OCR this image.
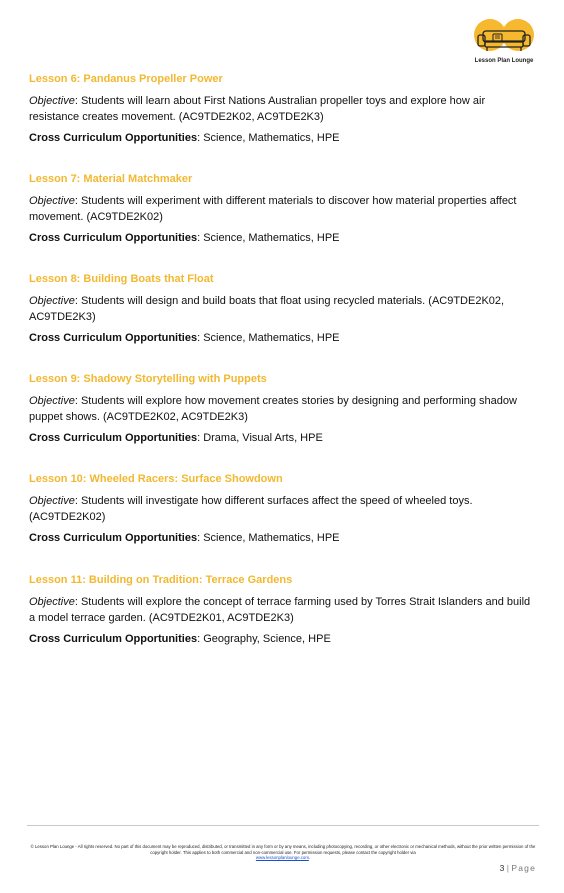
Lesson Plan Lounge

Lesson 6: Pandanus Propeller Power

Objective: Students will learn about First Nations Australian propeller toys and explore how air resistance creates movement. (AC9TDE2K02, AC9TDE2K3)

Cross Curriculum Opportunities: Science, Mathematics, HPE

Lesson 7: Material Matchmaker

Objective: Students will experiment with different materials to discover how material properties affect movement. (AC9TDE2K02)

Cross Curriculum Opportunities: Science, Mathematics, HPE

Lesson 8: Building Boats that Float

Objective: Students will design and build boats that float using recycled materials. (AC9TDE2K02, AC9TDE2K3)

Cross Curriculum Opportunities: Science, Mathematics, HPE

Lesson 9: Shadowy Storytelling with Puppets

Objective: Students will explore how movement creates stories by designing and performing shadow puppet shows. (AC9TDE2K02, AC9TDE2K3)

Cross Curriculum Opportunities: Drama, Visual Arts, HPE

Lesson 10: Wheeled Racers: Surface Showdown

Objective: Students will investigate how different surfaces affect the speed of wheeled toys. (AC9TDE2K02)

Cross Curriculum Opportunities: Science, Mathematics, HPE

Lesson 11: Building on Tradition: Terrace Gardens

Objective: Students will explore the concept of terrace farming used by Torres Strait Islanders and build a model terrace garden. (AC9TDE2K01, AC9TDE2K3)

Cross Curriculum Opportunities: Geography, Science, HPE

© Lesson Plan Lounge - All rights reserved. No part of this document may be reproduced, distributed, or transmitted in any form or by any means, including photocopying, recording, or other electronic or mechanical methods, without the prior written permission of the copyright holder. This applies to both commercial and non-commercial use. For permission requests, please contact the copyright holder via
www.lessonplanlounge.com.
3 | Page
